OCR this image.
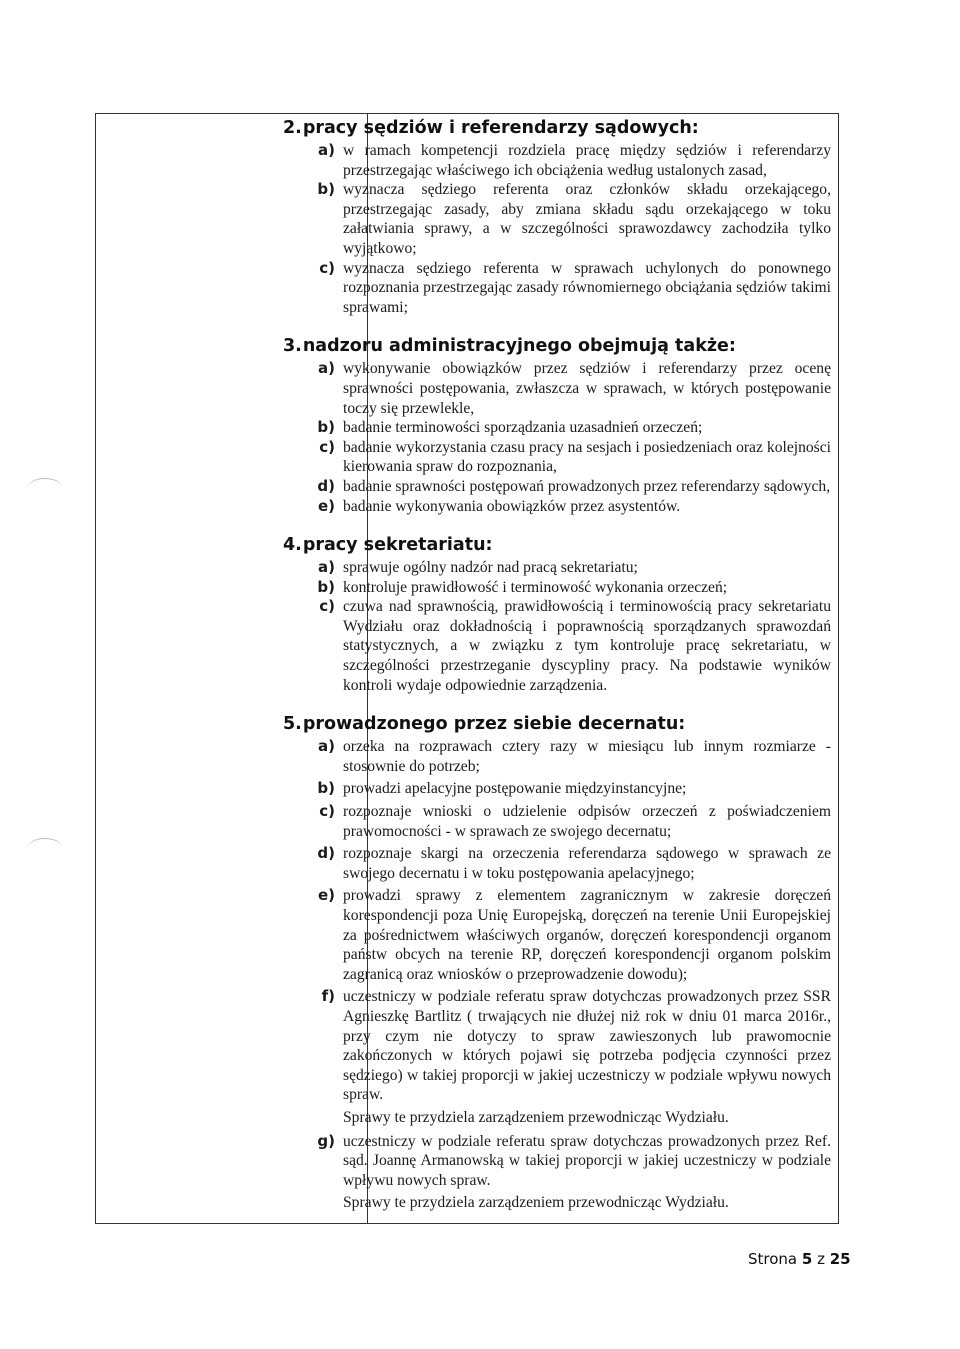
2.pracy sędziów i referendarzy sądowych:
a) w ramach kompetencji rozdziela pracę między sędziów i referendarzy przestrzegając właściwego ich obciążenia według ustalonych zasad,
b) wyznacza sędziego referenta oraz członków składu orzekającego, przestrzegając zasady, aby zmiana składu sądu orzekającego w toku załatwiania sprawy, a w szczególności sprawozdawcy zachodziła tylko wyjątkowo;
c) wyznacza sędziego referenta w sprawach uchylonych do ponownego rozpoznania przestrzegając zasady równomiernego obciążania sędziów takimi sprawami;
3.nadzoru administracyjnego obejmują także:
a) wykonywanie obowiązków przez sędziów i referendarzy przez ocenę sprawności postępowania, zwłaszcza w sprawach, w których postępowanie toczy się przewlekle,
b) badanie terminowości sporządzania uzasadnień orzeczeń;
c) badanie wykorzystania czasu pracy na sesjach i posiedzeniach oraz kolejności kierowania spraw do rozpoznania,
d) badanie sprawności postępowań prowadzonych przez referendarzy sądowych,
e) badanie wykonywania obowiązków przez asystentów.
4.pracy sekretariatu:
a) sprawuje ogólny nadzór nad pracą sekretariatu;
b) kontroluje prawidłowość i terminowość wykonania orzeczeń;
c) czuwa nad sprawnością, prawidłowością i terminowością pracy sekretariatu Wydziału oraz dokładnością i poprawnością sporządzanych sprawozdań statystycznych, a w związku z tym kontroluje pracę sekretariatu, w szczególności przestrzeganie dyscypliny pracy. Na podstawie wyników kontroli wydaje odpowiednie zarządzenia.
5.prowadzonego przez siebie decernatu:
a) orzeka na rozprawach cztery razy w miesiącu lub innym rozmiarze - stosownie do potrzeb;
b) prowadzi apelacyjne postępowanie międzyinstancyjne;
c) rozpoznaje wnioski o udzielenie odpisów orzeczeń z poświadczeniem prawomocności - w sprawach ze swojego decernatu;
d) rozpoznaje skargi na orzeczenia referendarza sądowego w sprawach ze swojego decernatu i w toku postępowania apelacyjnego;
e) prowadzi sprawy z elementem zagranicznym w zakresie doręczeń korespondencji poza Unię Europejską, doręczeń na terenie Unii Europejskiej za pośrednictwem właściwych organów, doręczeń korespondencji organom państw obcych na terenie RP, doręczeń korespondencji organom polskim zagranicą oraz wniosków o przeprowadzenie dowodu);
f) uczestniczy w podziale referatu spraw dotychczas prowadzonych przez SSR Agnieszkę Bartlitz ( trwających nie dłużej niż rok w dniu 01 marca 2016r., przy czym nie dotyczy to spraw zawieszonych lub prawomocnie zakończonych w których pojawi się potrzeba podjęcia czynności przez sędziego) w takiej proporcji w jakiej uczestniczy w podziale wpływu nowych spraw.
Sprawy te przydziela zarządzeniem przewodnicząc Wydziału.
g) uczestniczy w podziale referatu spraw dotychczas prowadzonych przez Ref. sąd. Joannę Armanowską w takiej proporcji w jakiej uczestniczy w podziale wpływu nowych spraw.
Sprawy te przydziela zarządzeniem przewodnicząc Wydziału.
Strona 5 z 25
